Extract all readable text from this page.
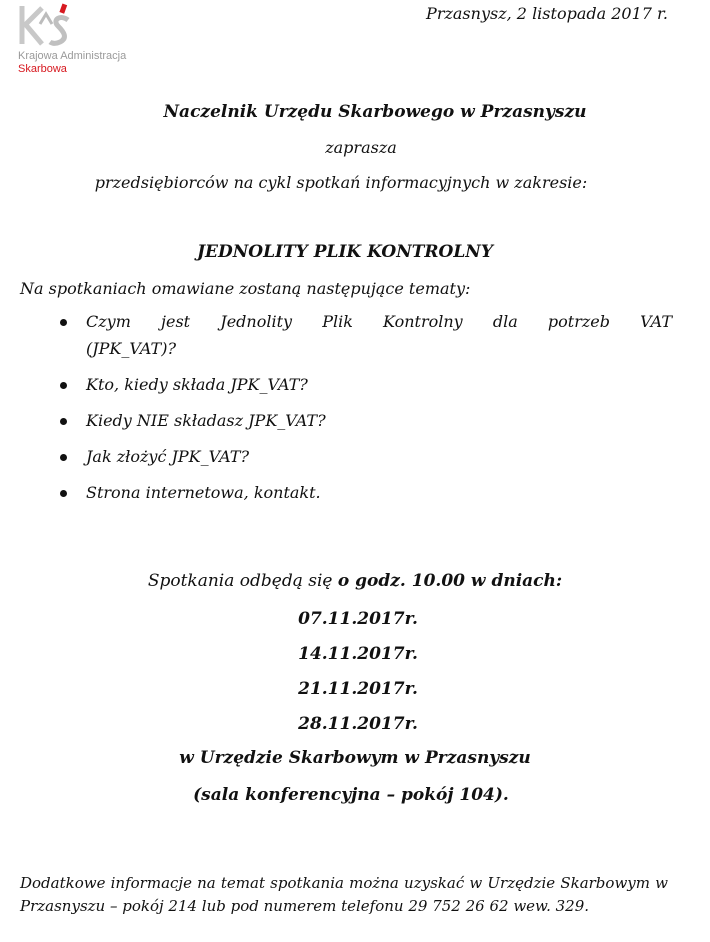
Krajowa Administracja
Skarbowa
Przasnysz, 2 listopada 2017 r.
Naczelnik Urzędu Skarbowego w Przasnyszu
zaprasza
przedsiębiorców na cykl spotkań informacyjnych w zakresie:
JEDNOLITY PLIK KONTROLNY
Na spotkaniach omawiane zostaną następujące tematy:
Czym jest Jednolity Plik Kontrolny dla potrzeb VAT
(JPK_VAT)?
Kto, kiedy składa JPK_VAT?
Kiedy NIE składasz JPK_VAT?
Jak złożyć JPK_VAT?
Strona internetowa, kontakt.
Spotkania odbędą się o godz. 10.00 w dniach:
07.11.2017r.
14.11.2017r.
21.11.2017r.
28.11.2017r.
w Urzędzie Skarbowym w Przasnyszu
(sala konferencyjna – pokój 104).
Dodatkowe informacje na temat spotkania można uzyskać w Urzędzie Skarbowym w Przasnyszu – pokój 214 lub pod numerem telefonu 29 752 26 62 wew. 329.
